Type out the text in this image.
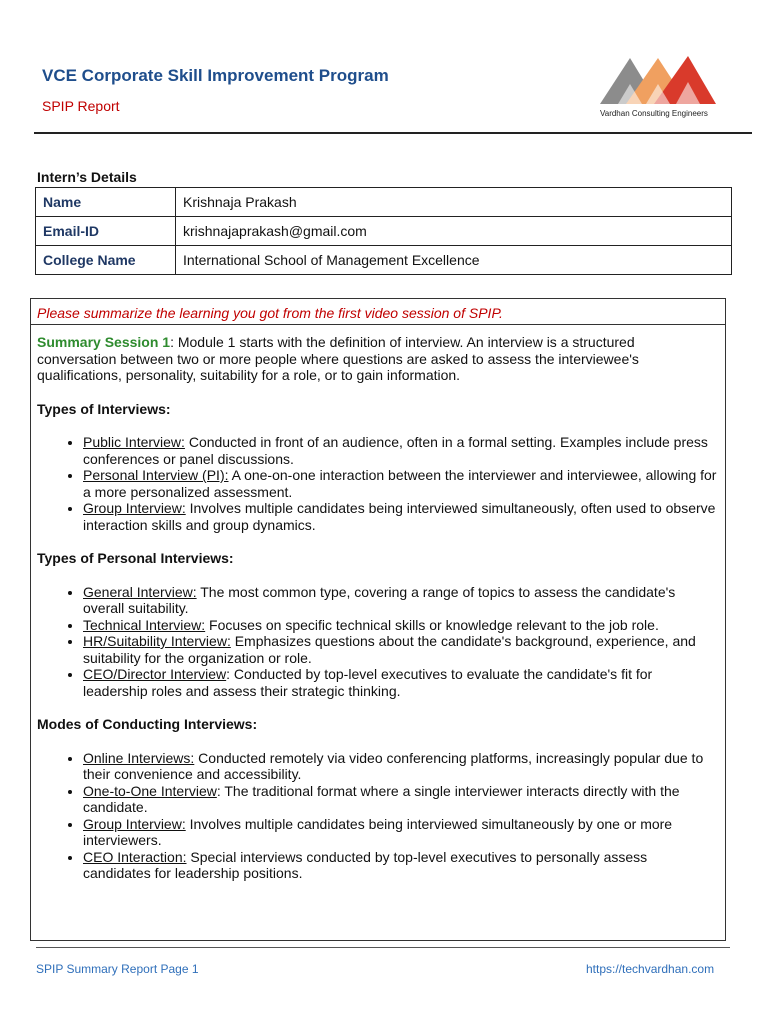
VCE Corporate Skill Improvement Program
SPIP Report	Vardhan Consulting Engineers
Intern’s Details
Name	Krishnaja Prakash
Email-ID	krishnajaprakash@gmail.com
College Name	International School of Management Excellence
Please summarize the learning you got from the first video session of SPIP.

Summary Session 1: Module 1 starts with the definition of interview. An interview is a structured conversation between two or more people where questions are asked to assess the interviewee's qualifications, personality, suitability for a role, or to gain information.

Types of Interviews:
• Public Interview: Conducted in front of an audience, often in a formal setting. Examples include press conferences or panel discussions.
• Personal Interview (PI): A one-on-one interaction between the interviewer and interviewee, allowing for a more personalized assessment.
• Group Interview: Involves multiple candidates being interviewed simultaneously, often used to observe interaction skills and group dynamics.
Types of Personal Interviews:
• General Interview: The most common type, covering a range of topics to assess the candidate's overall suitability.
• Technical Interview: Focuses on specific technical skills or knowledge relevant to the job role.
• HR/Suitability Interview: Emphasizes questions about the candidate's background, experience, and suitability for the organization or role.
• CEO/Director Interview: Conducted by top-level executives to evaluate the candidate's fit for leadership roles and assess their strategic thinking.
Modes of Conducting Interviews:
• Online Interviews: Conducted remotely via video conferencing platforms, increasingly popular due to their convenience and accessibility.
• One-to-One Interview: The traditional format where a single interviewer interacts directly with the candidate.
• Group Interview: Involves multiple candidates being interviewed simultaneously by one or more interviewers.
• CEO Interaction: Special interviews conducted by top-level executives to personally assess candidates for leadership positions.
SPIP Summary Report Page 1	https://techvardhan.com
